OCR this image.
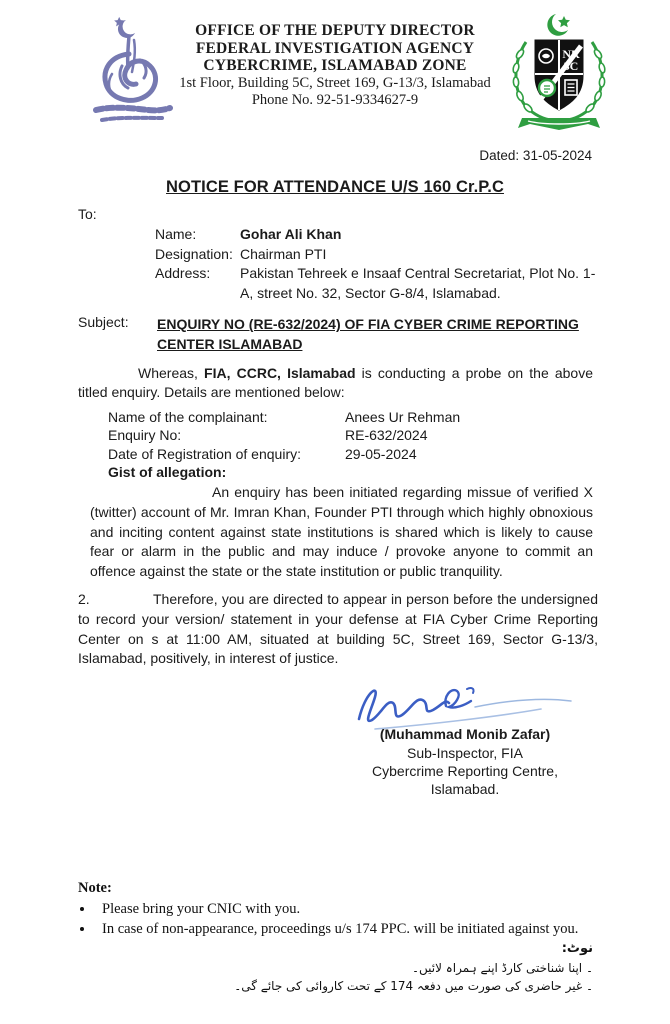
NR
3C
OFFICE OF THE DEPUTY DIRECTOR
FEDERAL INVESTIGATION AGENCY
CYBERCRIME, ISLAMABAD ZONE
1st Floor, Building 5C, Street 169, G-13/3, Islamabad
Phone No. 92-51-9334627-9
Dated: 31-05-2024
NOTICE FOR ATTENDANCE U/S 160 Cr.P.C
To:
Name:	Gohar Ali Khan
Designation: Chairman PTI
Address:	Pakistan Tehreek e Insaaf Central Secretariat, Plot No. 1-A, street No. 32, Sector G-8/4, Islamabad.
Subject:	ENQUIRY NO (RE-632/2024) OF FIA CYBER CRIME REPORTING CENTER ISLAMABAD

Whereas, FIA, CCRC, Islamabad is conducting a probe on the above titled enquiry. Details are mentioned below:

Name of the complainant:	Anees Ur Rehman
Enquiry No:	RE-632/2024
Date of Registration of enquiry:	29-05-2024
Gist of allegation:

An enquiry has been initiated regarding missue of verified X (twitter) account of Mr. Imran Khan, Founder PTI through which highly obnoxious and inciting content against state institutions is shared which is likely to cause fear or alarm in the public and may induce / provoke anyone to commit an offence against the state or the state institution or public tranquility.

2.	Therefore, you are directed to appear in person before the undersigned to record your version/ statement in your defense at FIA Cyber Crime Reporting Center on s at 11:00 AM, situated at building 5C, Street 169, Sector G-13/3, Islamabad, positively, in interest of justice.

(Muhammad Monib Zafar)
Sub-Inspector, FIA
Cybercrime Reporting Centre,
Islamabad.
Note:
• Please bring your CNIC with you.
• In case of non-appearance, proceedings u/s 174 PPC. will be initiated against you.
نوٹ:
۔ اپنا شناختی کارڈ اپنے ہمراہ لائیں۔
۔ غیر حاضری کی صورت میں دفعہ 174 کے تحت کاروائی کی جائے گی۔
